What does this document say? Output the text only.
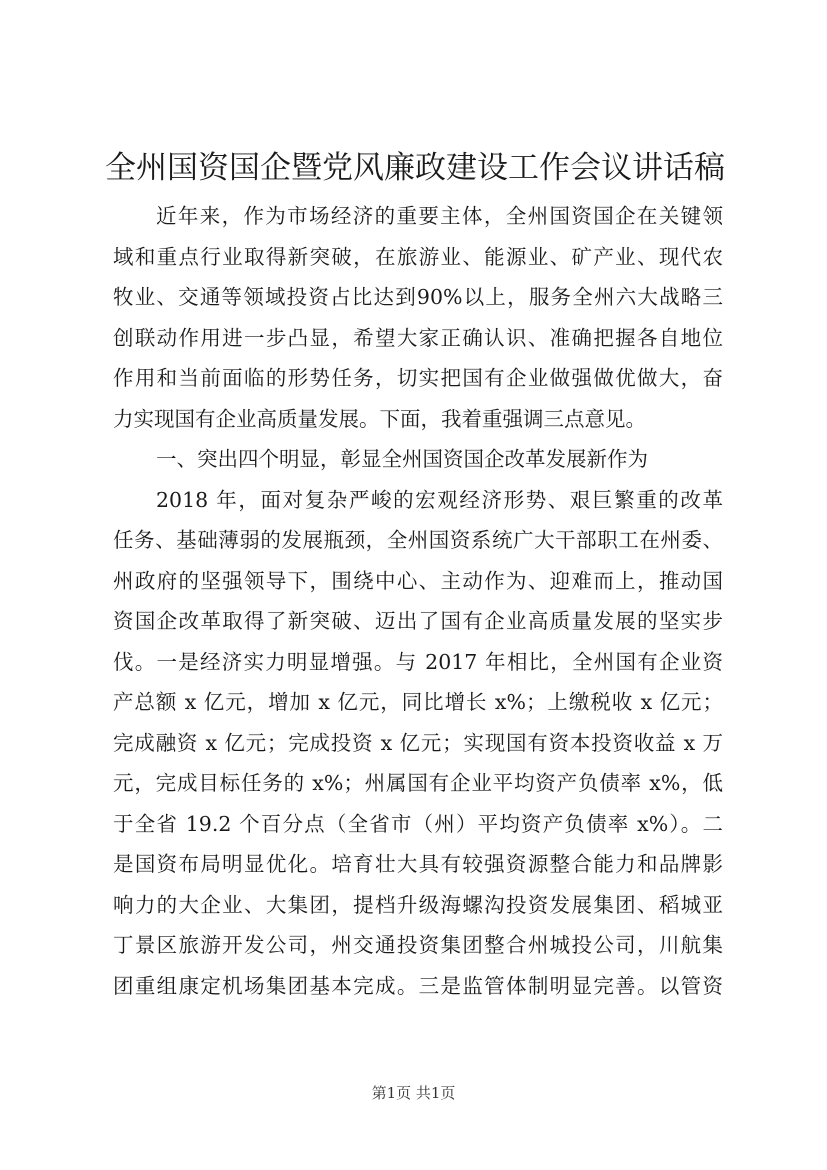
全州国资国企暨党风廉政建设工作会议讲话稿
近年来，作为市场经济的重要主体，全州国资国企在关键领
域和重点行业取得新突破，在旅游业、能源业、矿产业、现代农
牧业、交通等领域投资占比达到90%以上，服务全州六大战略三
创联动作用进一步凸显，希望大家正确认识、准确把握各自地位
作用和当前面临的形势任务，切实把国有企业做强做优做大，奋
力实现国有企业高质量发展。下面，我着重强调三点意见。
一、突出四个明显，彰显全州国资国企改革发展新作为
2018 年，面对复杂严峻的宏观经济形势、艰巨繁重的改革
任务、基础薄弱的发展瓶颈，全州国资系统广大干部职工在州委、
州政府的坚强领导下，围绕中心、主动作为、迎难而上，推动国
资国企改革取得了新突破、迈出了国有企业高质量发展的坚实步
伐。一是经济实力明显增强。与 2017 年相比，全州国有企业资
产总额 x 亿元，增加 x 亿元，同比增长 x%；上缴税收 x 亿元；
完成融资 x 亿元；完成投资 x 亿元；实现国有资本投资收益 x 万
元，完成目标任务的 x%；州属国有企业平均资产负债率 x%，低
于全省 19.2 个百分点（全省市（州）平均资产负债率 x%）。二
是国资布局明显优化。培育壮大具有较强资源整合能力和品牌影
响力的大企业、大集团，提档升级海螺沟投资发展集团、稻城亚
丁景区旅游开发公司，州交通投资集团整合州城投公司，川航集
团重组康定机场集团基本完成。三是监管体制明显完善。以管资
第1页 共1页
